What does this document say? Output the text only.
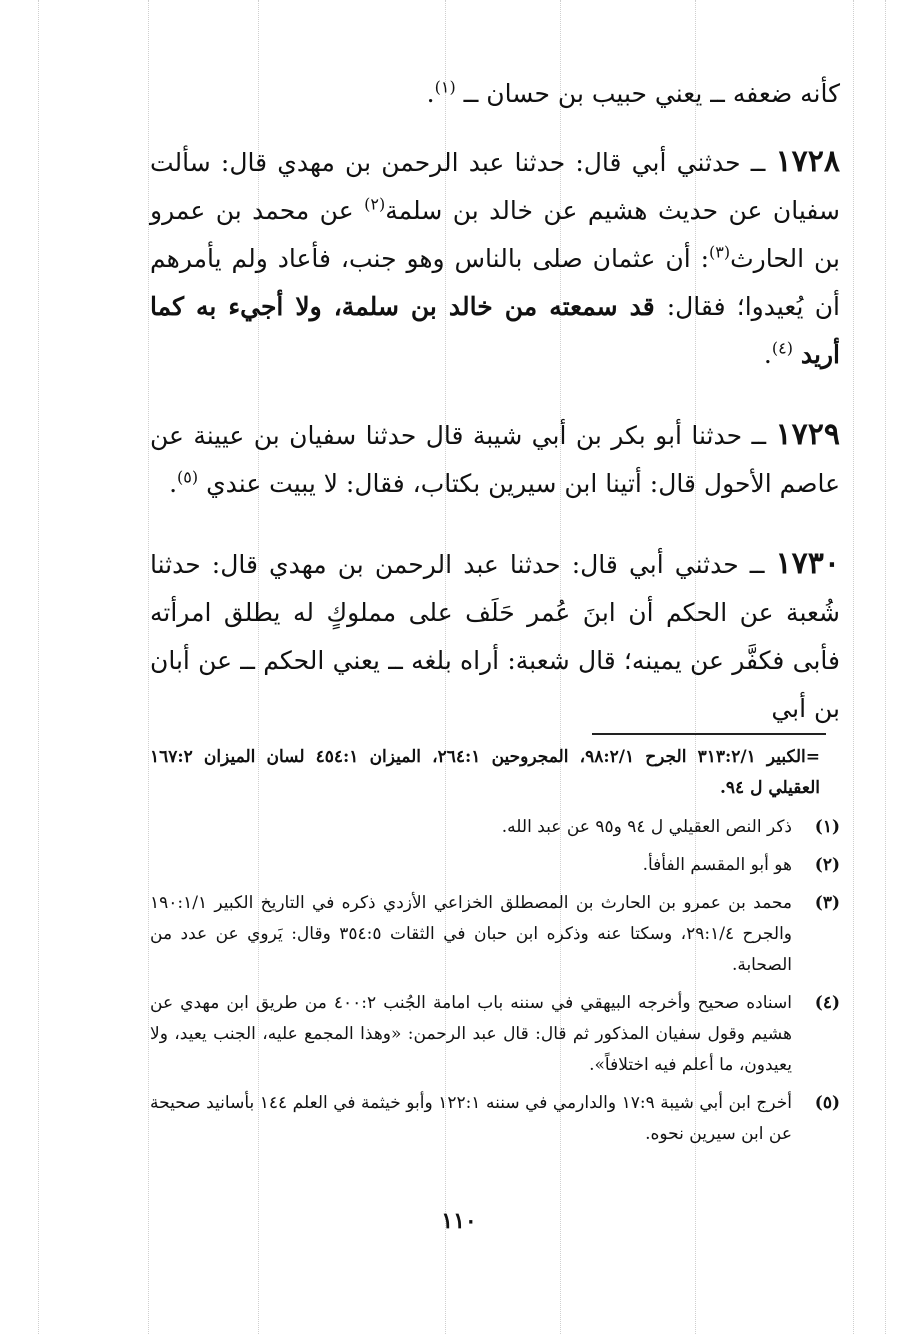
كأنه ضعفه ــ يعني حبيب بن حسان ــ $^{(١)}$.

١٧٢٨ ــ حدثني أبي قال: حدثنا عبد الرحمن بن مهدي قال: سألت سفيان عن حديث هشيم عن خالد بن سلمة$^{(٢)}$ عن محمد بن عمرو بن الحارث$^{(٣)}$: أن عثمان صلى بالناس وهو جنب، فأعاد ولم يأمرهم أن يُعيدوا؛ فقال: قد سمعته من خالد بن سلمة، ولا أجيء به كما أريد $^{(٤)}$.

١٧٢٩ ــ حدثنا أبو بكر بن أبي شيبة قال حدثنا سفيان بن عيينة عن عاصم الأحول قال: أتينا ابن سيرين بكتاب، فقال: لا يبيت عندي $^{(٥)}$.

١٧٣٠ ــ حدثني أبي قال: حدثنا عبد الرحمن بن مهدي قال: حدثنا شُعبة عن الحكم أن ابنَ عُمر حَلَف على مملوكٍ له يطلق امرأته فأبى فكفَّر عن يمينه؛ قال شعبة: أراه بلغه ــ يعني الحكم ــ عن أبان بن أبي

=الكبير ٣١٣:٢/١ الجرح ٩٨:٢/١، المجروحين ٢٦٤:١، الميزان ٤٥٤:١ لسان الميزان ١٦٧:٢ العقيلي ل ٩٤.

(١)
ذكر النص العقيلي ل ٩٤ و٩٥ عن عبد الله.
(٢)
هو أبو المقسم الفأفأ.
(٣)
محمد بن عمرو بن الحارث بن المصطلق الخزاعي الأزدي ذكره في التاريخ الكبير ١٩٠:١/١ والجرح ٢٩:١/٤، وسكتا عنه وذكره ابن حبان في الثقات ٣٥٤:٥ وقال: يَروي عن عدد من الصحابة.
(٤)
اسناده صحيح وأخرجه البيهقي في سننه باب امامة الجُنب ٤٠٠:٢ من طريق ابن مهدي عن هشيم وقول سفيان المذكور ثم قال: قال عبد الرحمن: «وهذا المجمع عليه، الجنب يعيد، ولا يعيدون، ما أعلم فيه اختلافاً».
(٥)
أخرج ابن أبي شيبة ١٧:٩ والدارمي في سننه ١٢٢:١ وأبو خيثمة في العلم ١٤٤ بأسانيد صحيحة عن ابن سيرين نحوه.
١١٠
